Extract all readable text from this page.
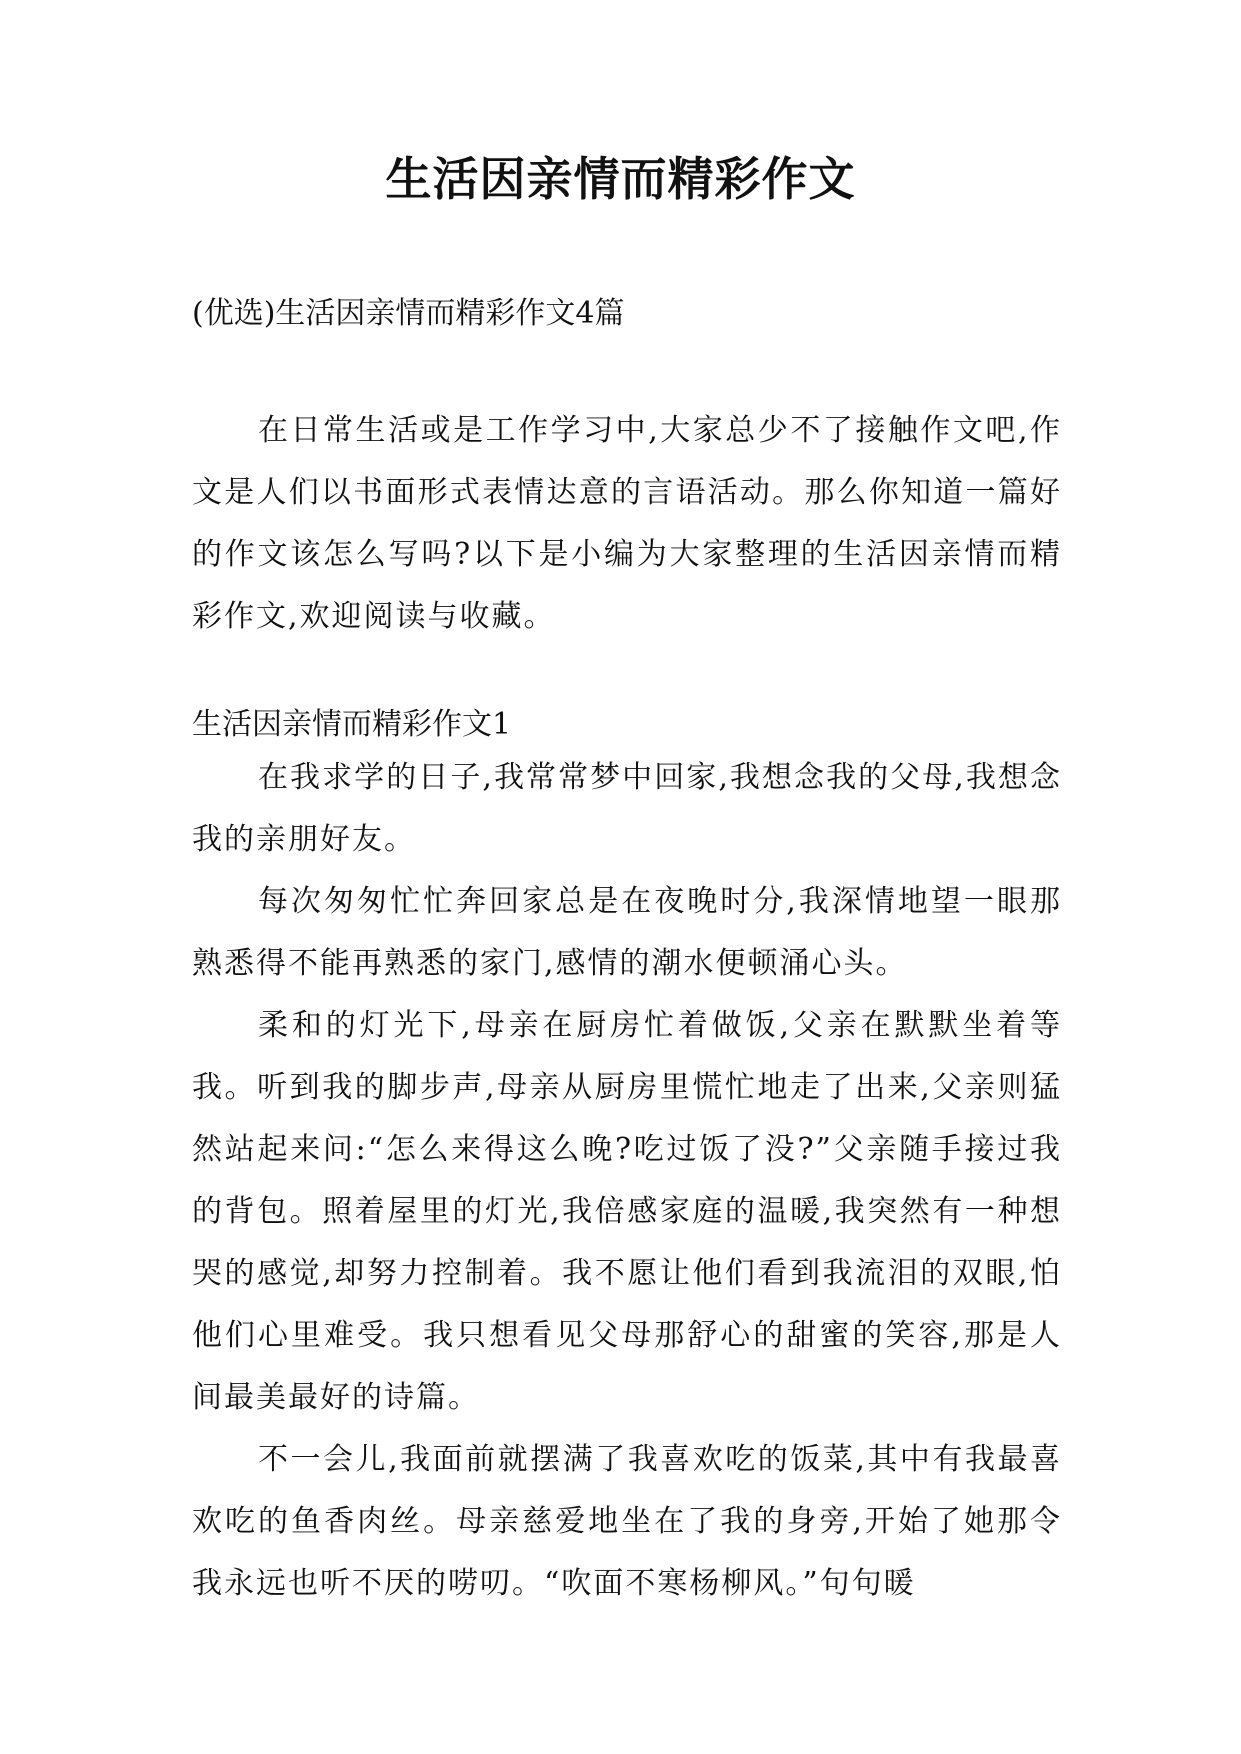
生活因亲情而精彩作文

(优选)生活因亲情而精彩作文4篇

在日常生活或是工作学习中,大家总少不了接触作文吧,作文是人们以书面形式表情达意的言语活动。那么你知道一篇好的作文该怎么写吗?以下是小编为大家整理的生活因亲情而精彩作文,欢迎阅读与收藏。

生活因亲情而精彩作文1

在我求学的日子,我常常梦中回家,我想念我的父母,我想念我的亲朋好友。

每次匆匆忙忙奔回家总是在夜晚时分,我深情地望一眼那熟悉得不能再熟悉的家门,感情的潮水便顿涌心头。

柔和的灯光下,母亲在厨房忙着做饭,父亲在默默坐着等我。听到我的脚步声,母亲从厨房里慌忙地走了出来,父亲则猛然站起来问:“怎么来得这么晚?吃过饭了没?”父亲随手接过我的背包。照着屋里的灯光,我倍感家庭的温暖,我突然有一种想哭的感觉,却努力控制着。我不愿让他们看到我流泪的双眼,怕他们心里难受。我只想看见父母那舒心的甜蜜的笑容,那是人间最美最好的诗篇。

不一会儿,我面前就摆满了我喜欢吃的饭菜,其中有我最喜欢吃的鱼香肉丝。母亲慈爱地坐在了我的身旁,开始了她那令我永远也听不厌的唠叨。“吹面不寒杨柳风。”句句暖
